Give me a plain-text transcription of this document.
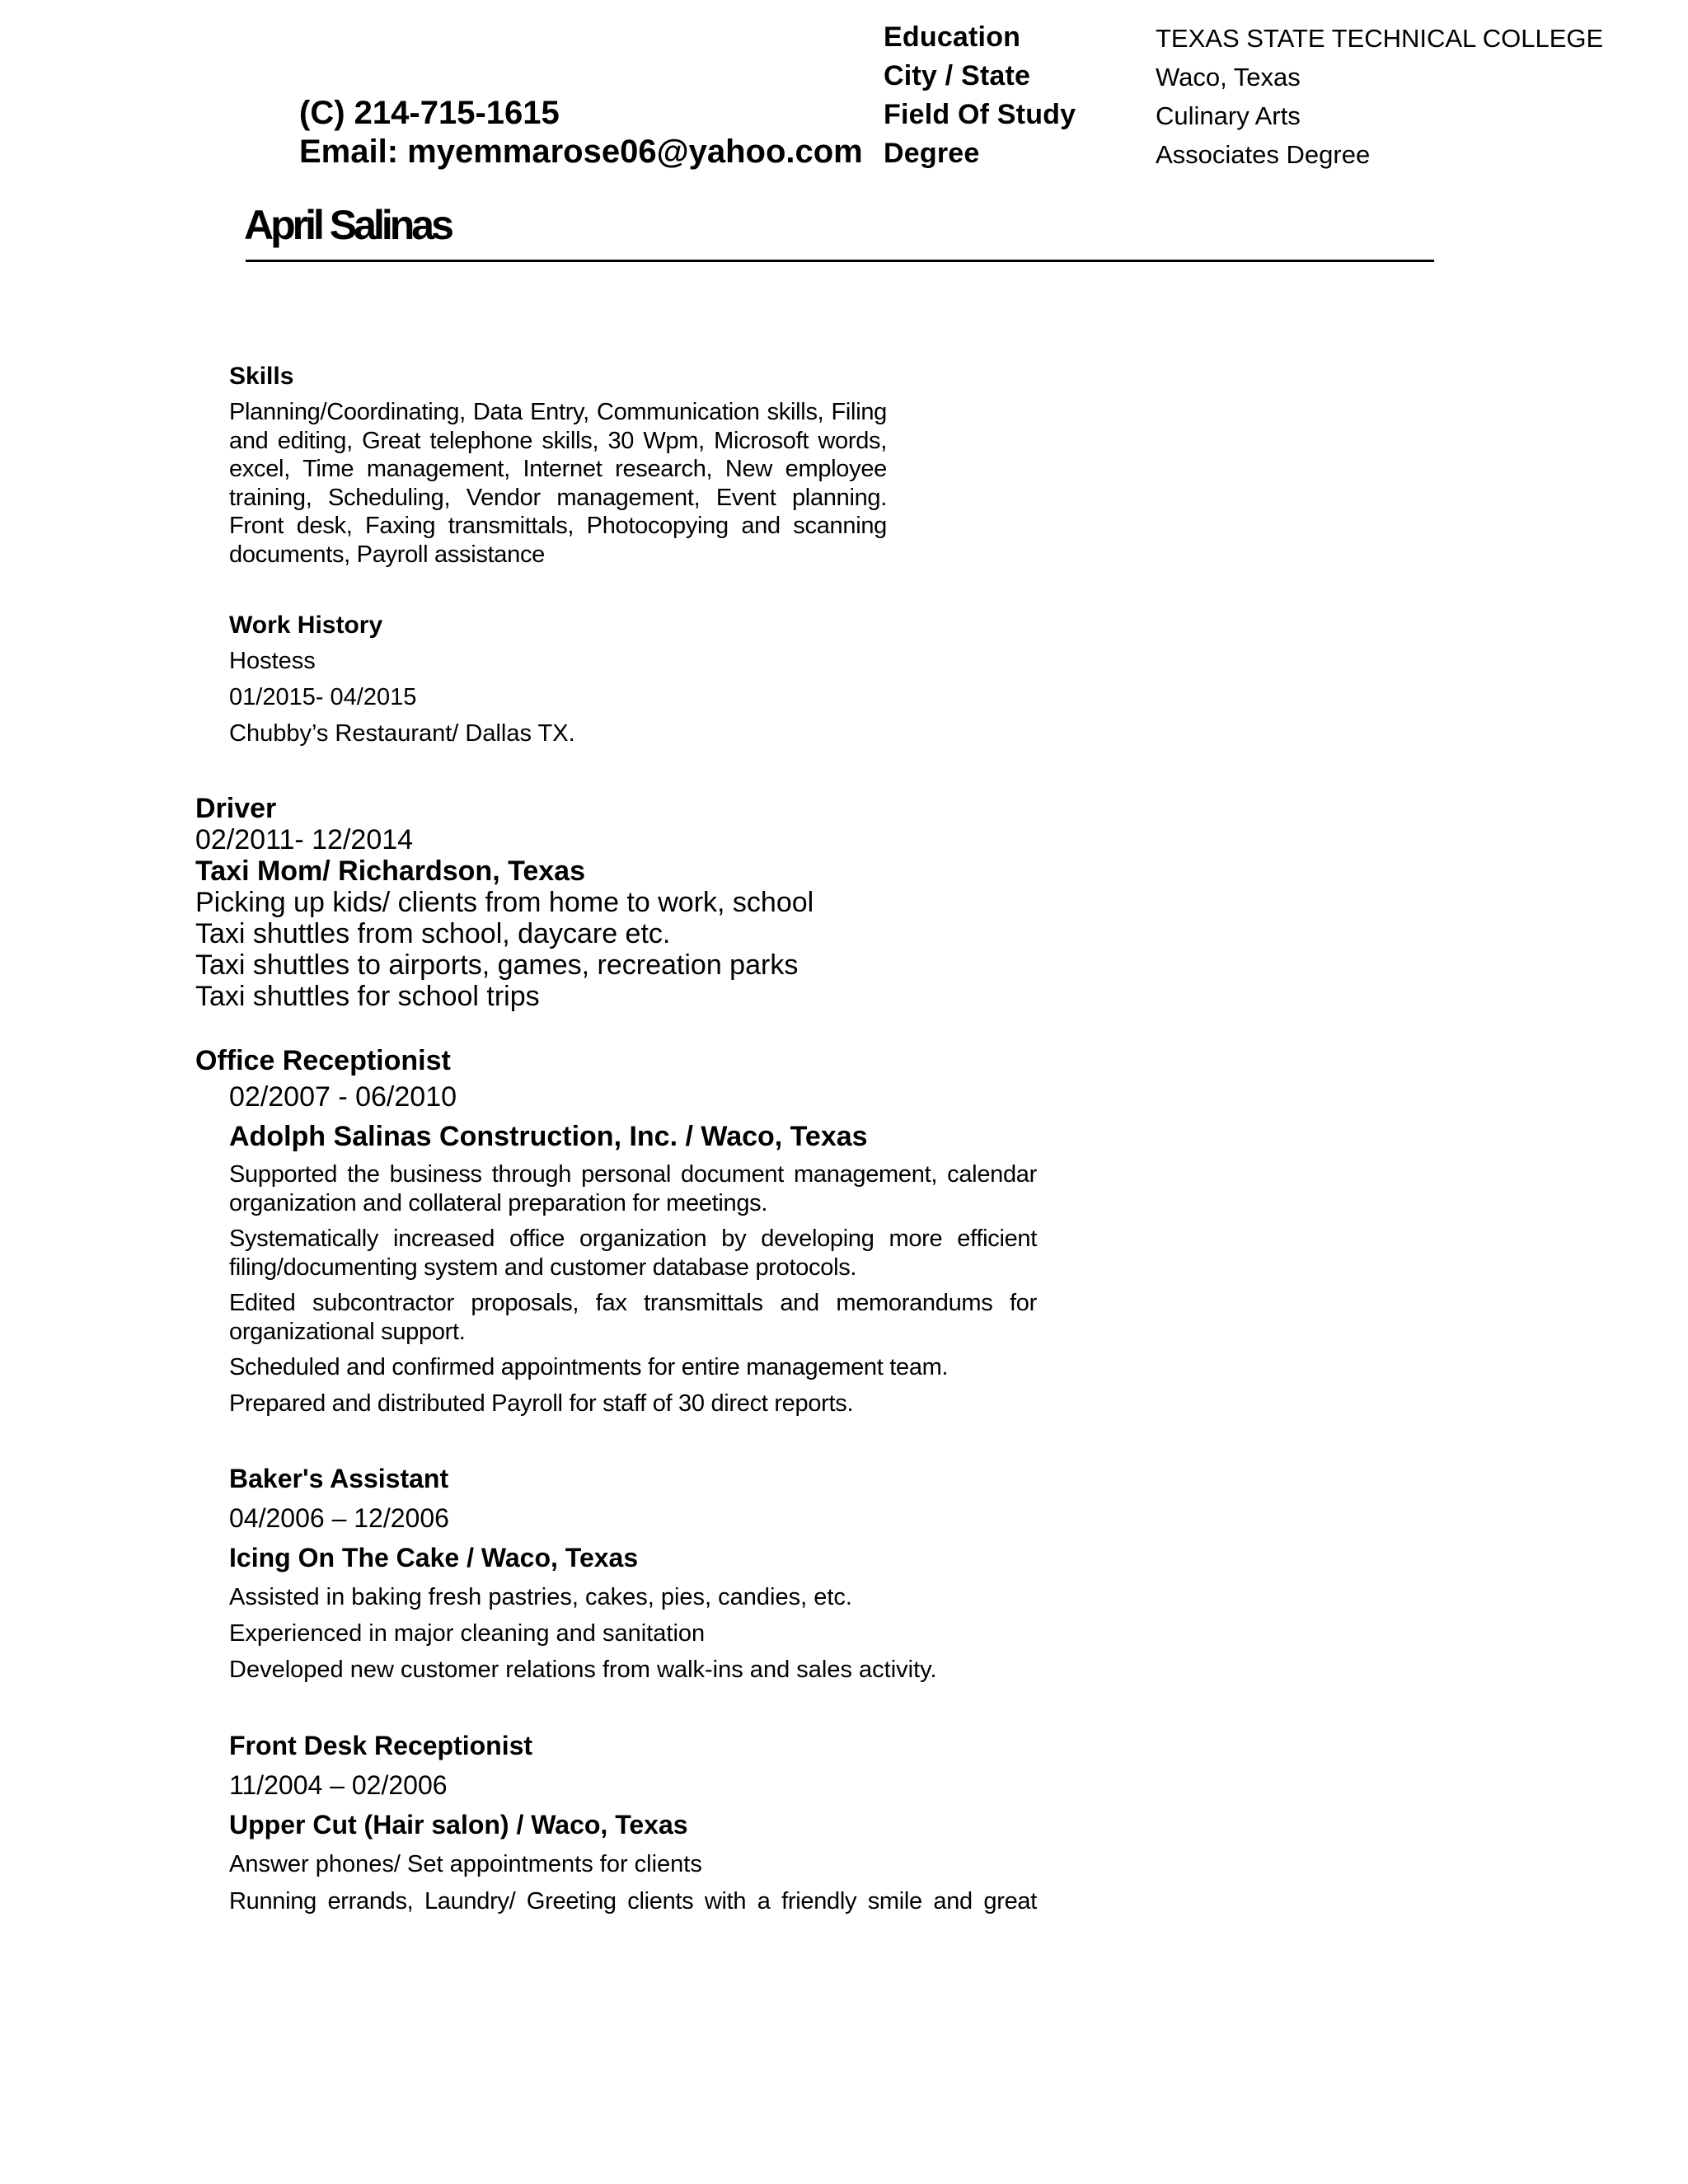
(C) 214-715-1615
Email: myemmarose06@yahoo.com
Education	TEXAS STATE TECHNICAL COLLEGE
City / State	Waco, Texas
Field Of Study	Culinary Arts
Degree	Associates Degree
April Salinas
Skills
Planning/Coordinating, Data Entry, Communication skills, Filing and editing, Great telephone skills, 30 Wpm, Microsoft words, excel, Time management, Internet research, New employee training, Scheduling, Vendor management, Event planning. Front desk, Faxing transmittals, Photocopying and scanning documents, Payroll assistance
Work History
Hostess
01/2015- 04/2015
Chubby’s Restaurant/ Dallas TX.
Driver
02/2011- 12/2014
Taxi Mom/ Richardson, Texas
Picking up kids/ clients from home to work, school
Taxi shuttles from school, daycare etc.
Taxi shuttles to airports, games, recreation parks
Taxi shuttles for school trips
Office Receptionist
02/2007 - 06/2010
Adolph Salinas Construction, Inc. / Waco, Texas
Supported the business through personal document management, calendar organization and collateral preparation for meetings.
Systematically increased office organization by developing more efficient filing/documenting system and customer database protocols.
Edited subcontractor proposals, fax transmittals and memorandums for organizational support.
Scheduled and confirmed appointments for entire management team.
Prepared and distributed Payroll for staff of 30 direct reports.
Baker's Assistant
04/2006 – 12/2006
Icing On The Cake / Waco, Texas
Assisted in baking fresh pastries, cakes, pies, candies, etc.
Experienced in major cleaning and sanitation
Developed new customer relations from walk-ins and sales activity.
Front Desk Receptionist
11/2004 – 02/2006
Upper Cut (Hair salon) / Waco, Texas
Answer phones/ Set appointments for clients
Running errands, Laundry/ Greeting clients with a friendly smile and great
